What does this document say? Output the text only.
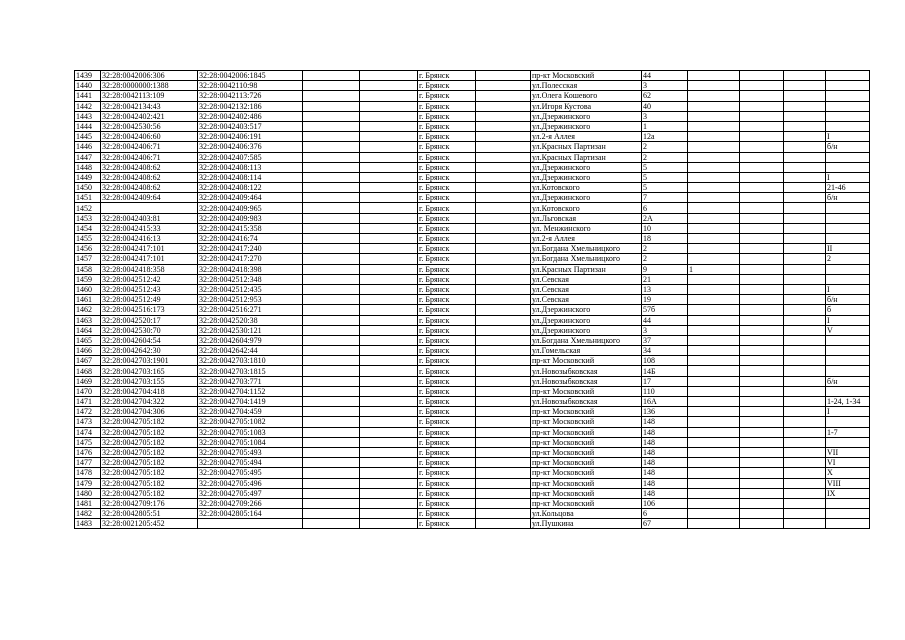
1439	32:28:0042006:306	32:28:0042006:1845			г. Брянск		пр-кт Московский	44				
1440	32:28:0000000:1388	32:28:0042110:98			г. Брянск		ул.Полесская	3				
1441	32:28:0042113:109	32:28:0042113:726			г. Брянск		ул.Олега Кошевого	62				
1442	32:28:0042134:43	32:28:0042132:186			г. Брянск		ул.Игоря Кустова	40				
1443	32:28:0042402:421	32:28:0042402:486			г. Брянск		ул.Дзержинского	3				
1444	32:28:0042530:56	32:28:0042403:517			г. Брянск		ул.Дзержинского	1				
1445	32:28:0042406:60	32:28:0042406:191			г. Брянск		ул.2-я Аллея	12а				I
1446	32:28:0042406:71	32:28:0042406:376			г. Брянск		ул.Красных Партизан	2				б/н
1447	32:28:0042406:71	32:28:0042407:585			г. Брянск		ул.Красных Партизан	2				
1448	32:28:0042408:62	32:28:0042408:113			г. Брянск		ул.Дзержинского	5				
1449	32:28:0042408:62	32:28:0042408:114			г. Брянск		ул.Дзержинского	5				I
1450	32:28:0042408:62	32:28:0042408:122			г. Брянск		ул.Котовского	5				21-46
1451	32:28:0042409:64	32:28:0042409:464			г. Брянск		ул.Дзержинского	7				б/н
1452		32:28:0042409:965			г. Брянск		ул.Котовского	6				
1453	32:28:0042403:81	32:28:0042409:983			г. Брянск		ул.Льговская	2А				
1454	32:28:0042415:33	32:28:0042415:358			г. Брянск		ул. Менжинского	10				
1455	32:28:0042416:13	32:28:0042416:74			г. Брянск		ул.2-я Аллея	18				
1456	32:28:0042417:101	32:28:0042417:240			г. Брянск		ул.Богдана Хмельницкого	2				II
1457	32:28:0042417:101	32:28:0042417:270			г. Брянск		ул.Богдана Хмельницкого	2				2
1458	32:28:0042418:358	32:28:0042418:398			г. Брянск		ул.Красных Партизан	9	1			
1459	32:28:0042512:42	32:28:0042512:348			г. Брянск		ул.Севская	21				
1460	32:28:0042512:43	32:28:0042512:435			г. Брянск		ул.Севская	13				I
1461	32:28:0042512:49	32:28:0042512:953			г. Брянск		ул.Севская	19				б/н
1462	32:28:0042516:173	32:28:0042516:271			г. Брянск		ул.Дзержинского	57б				б
1463	32:28:0042520:17	32:28:0042520:38			г. Брянск		ул.Дзержинского	44				I
1464	32:28:0042530:70	32:28:0042530:121			г. Брянск		ул.Дзержинского	3				V
1465	32:28:0042604:54	32:28:0042604:979			г. Брянск		ул.Богдана Хмельницкого	37				
1466	32:28:0042642:30	32:28:0042642:44			г. Брянск		ул.Гомельская	34				
1467	32:28:0042703:1901	32:28:0042703:1810			г. Брянск		пр-кт Московский	108				
1468	32:28:0042703:165	32:28:0042703:1815			г. Брянск		ул.Новозыбковская	14Б				
1469	32:28:0042703:155	32:28:0042703:771			г. Брянск		ул.Новозыбковская	17				б/н
1470	32:28:0042704:418	32:28:0042704:1152			г. Брянск		пр-кт Московский	110				
1471	32:28:0042704:322	32:28:0042704:1419			г. Брянск		ул.Новозыбковская	16А				1-24, 1-34
1472	32:28:0042704:306	32:28:0042704:459			г. Брянск		пр-кт Московский	136				I
1473	32:28:0042705:182	32:28:0042705:1082			г. Брянск		пр-кт Московский	148				
1474	32:28:0042705:182	32:28:0042705:1083			г. Брянск		пр-кт Московский	148				1-7
1475	32:28:0042705:182	32:28:0042705:1084			г. Брянск		пр-кт Московский	148				
1476	32:28:0042705:182	32:28:0042705:493			г. Брянск		пр-кт Московский	148				VII
1477	32:28:0042705:182	32:28:0042705:494			г. Брянск		пр-кт Московский	148				VI
1478	32:28:0042705:182	32:28:0042705:495			г. Брянск		пр-кт Московский	148				X
1479	32:28:0042705:182	32:28:0042705:496			г. Брянск		пр-кт Московский	148				VIII
1480	32:28:0042705:182	32:28:0042705:497			г. Брянск		пр-кт Московский	148				IX
1481	32:28:0042709:176	32:28:0042709:266			г. Брянск		пр-кт Московский	106				
1482	32:28:0042805:51	32:28:0042805:164			г. Брянск		ул.Кольцова	6				
1483	32:28:0021205:452				г. Брянск		ул.Пушкина	67				
